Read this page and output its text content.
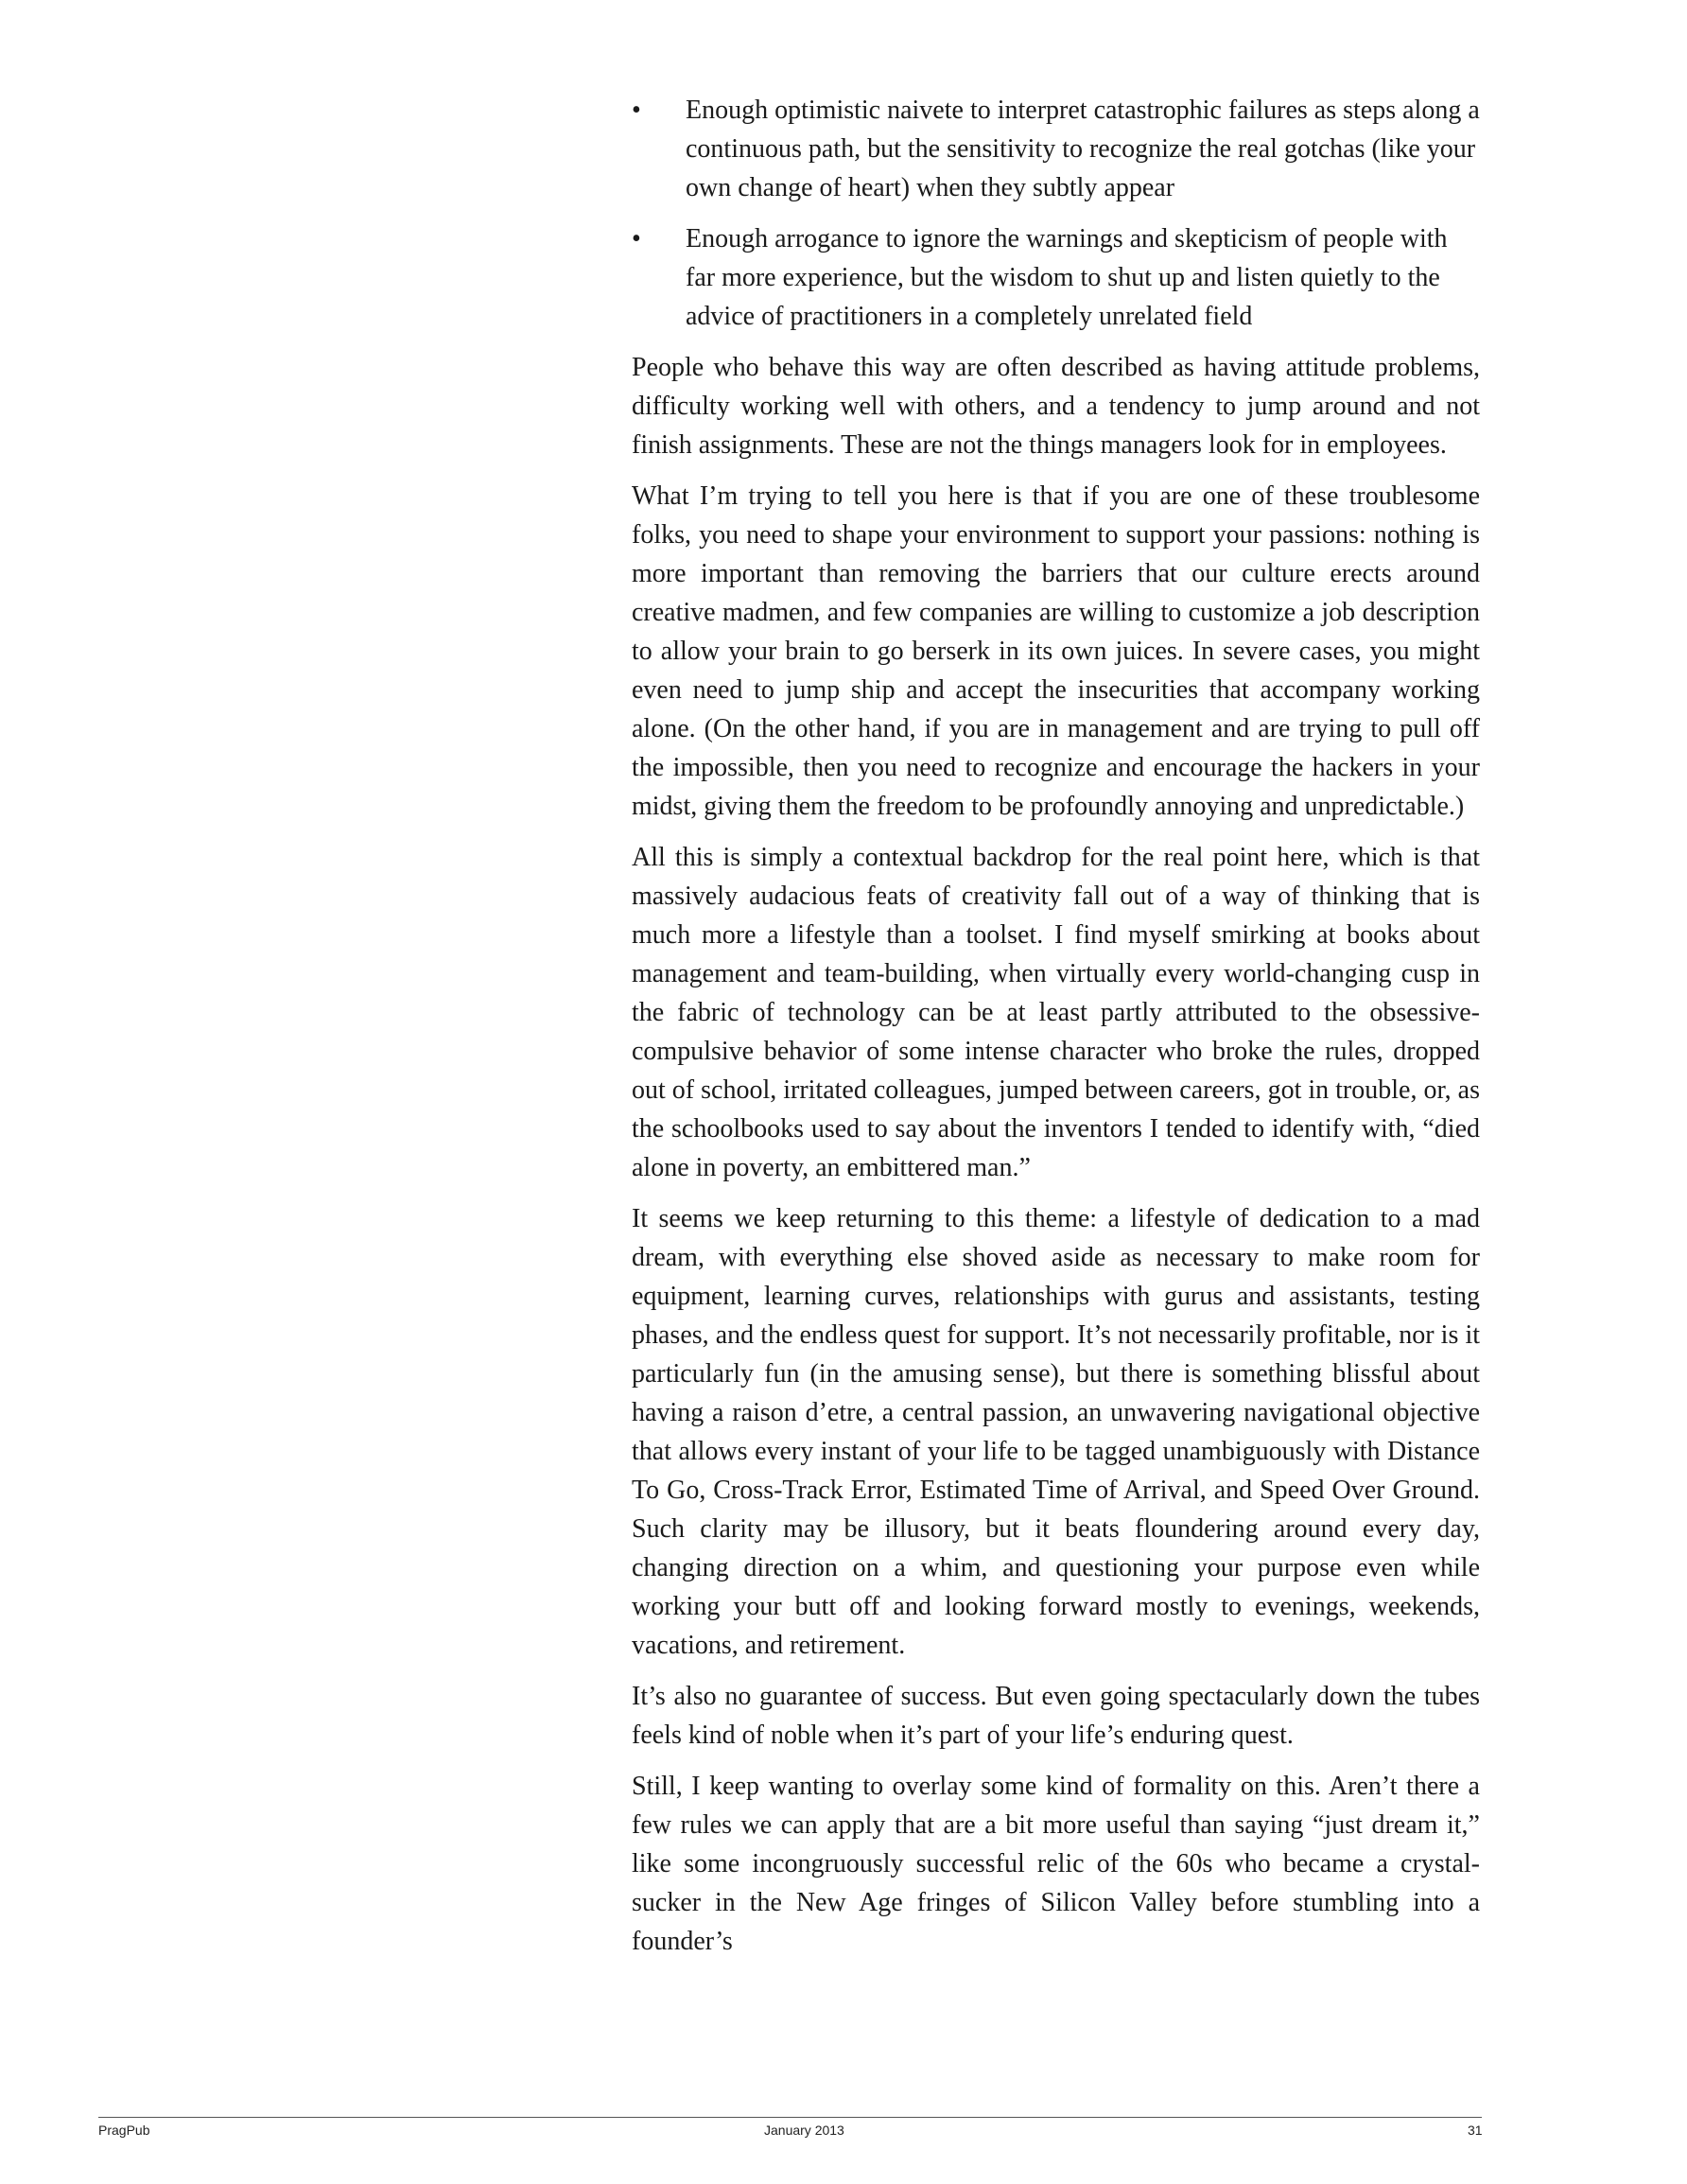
•	Enough optimistic naivete to interpret catastrophic failures as steps along a continuous path, but the sensitivity to recognize the real gotchas (like your own change of heart) when they subtly appear
•	Enough arrogance to ignore the warnings and skepticism of people with far more experience, but the wisdom to shut up and listen quietly to the advice of practitioners in a completely unrelated field

People who behave this way are often described as having attitude problems, difficulty working well with others, and a tendency to jump around and not finish assignments. These are not the things managers look for in employees.

What I’m trying to tell you here is that if you are one of these troublesome folks, you need to shape your environment to support your passions: nothing is more important than removing the barriers that our culture erects around creative madmen, and few companies are willing to customize a job description to allow your brain to go berserk in its own juices. In severe cases, you might even need to jump ship and accept the insecurities that accompany working alone. (On the other hand, if you are in management and are trying to pull off the impossible, then you need to recognize and encourage the hackers in your midst, giving them the freedom to be profoundly annoying and unpredictable.)

All this is simply a contextual backdrop for the real point here, which is that massively audacious feats of creativity fall out of a way of thinking that is much more a lifestyle than a toolset. I find myself smirking at books about management and team-building, when virtually every world-changing cusp in the fabric of technology can be at least partly attributed to the obsessive-compulsive behavior of some intense character who broke the rules, dropped out of school, irritated colleagues, jumped between careers, got in trouble, or, as the schoolbooks used to say about the inventors I tended to identify with, “died alone in poverty, an embittered man.”

It seems we keep returning to this theme: a lifestyle of dedication to a mad dream, with everything else shoved aside as necessary to make room for equipment, learning curves, relationships with gurus and assistants, testing phases, and the endless quest for support. It’s not necessarily profitable, nor is it particularly fun (in the amusing sense), but there is something blissful about having a raison d’etre, a central passion, an unwavering navigational objective that allows every instant of your life to be tagged unambiguously with Distance To Go, Cross-Track Error, Estimated Time of Arrival, and Speed Over Ground. Such clarity may be illusory, but it beats floundering around every day, changing direction on a whim, and questioning your purpose even while working your butt off and looking forward mostly to evenings, weekends, vacations, and retirement.

It’s also no guarantee of success. But even going spectacularly down the tubes feels kind of noble when it’s part of your life’s enduring quest.

Still, I keep wanting to overlay some kind of formality on this. Aren’t there a few rules we can apply that are a bit more useful than saying “just dream it,” like some incongruously successful relic of the 60s who became a crystal-sucker in the New Age fringes of Silicon Valley before stumbling into a founder’s

PragPub	January 2013	31
